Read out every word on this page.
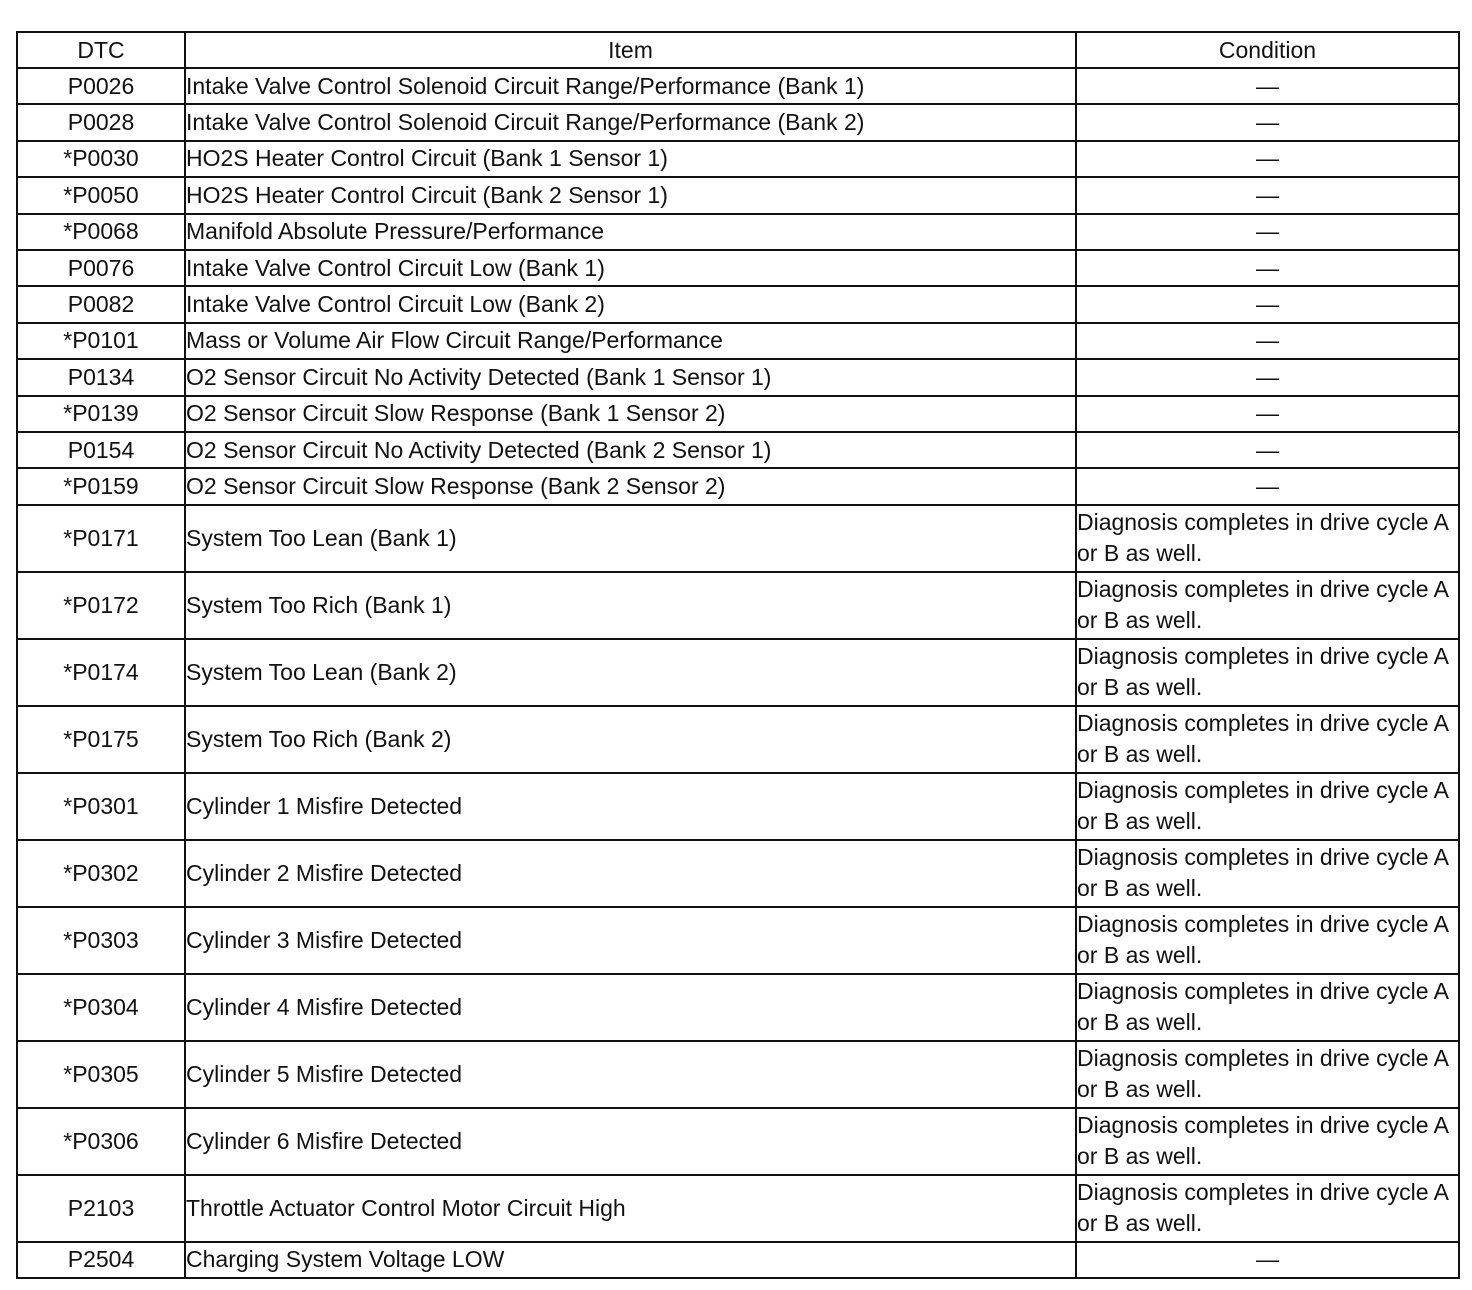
DTC	Item	Condition
P0026	Intake Valve Control Solenoid Circuit Range/Performance (Bank 1)	—
P0028	Intake Valve Control Solenoid Circuit Range/Performance (Bank 2)	—
*P0030	HO2S Heater Control Circuit (Bank 1 Sensor 1)	—
*P0050	HO2S Heater Control Circuit (Bank 2 Sensor 1)	—
*P0068	Manifold Absolute Pressure/Performance	—
P0076	Intake Valve Control Circuit Low (Bank 1)	—
P0082	Intake Valve Control Circuit Low (Bank 2)	—
*P0101	Mass or Volume Air Flow Circuit Range/Performance	—
P0134	O2 Sensor Circuit No Activity Detected (Bank 1 Sensor 1)	—
*P0139	O2 Sensor Circuit Slow Response (Bank 1 Sensor 2)	—
P0154	O2 Sensor Circuit No Activity Detected (Bank 2 Sensor 1)	—
*P0159	O2 Sensor Circuit Slow Response (Bank 2 Sensor 2)	—
*P0171	System Too Lean (Bank 1)	Diagnosis completes in drive cycle A or B as well.
*P0172	System Too Rich (Bank 1)	Diagnosis completes in drive cycle A or B as well.
*P0174	System Too Lean (Bank 2)	Diagnosis completes in drive cycle A or B as well.
*P0175	System Too Rich (Bank 2)	Diagnosis completes in drive cycle A or B as well.
*P0301	Cylinder 1 Misfire Detected	Diagnosis completes in drive cycle A or B as well.
*P0302	Cylinder 2 Misfire Detected	Diagnosis completes in drive cycle A or B as well.
*P0303	Cylinder 3 Misfire Detected	Diagnosis completes in drive cycle A or B as well.
*P0304	Cylinder 4 Misfire Detected	Diagnosis completes in drive cycle A or B as well.
*P0305	Cylinder 5 Misfire Detected	Diagnosis completes in drive cycle A or B as well.
*P0306	Cylinder 6 Misfire Detected	Diagnosis completes in drive cycle A or B as well.
P2103	Throttle Actuator Control Motor Circuit High	Diagnosis completes in drive cycle A or B as well.
P2504	Charging System Voltage LOW	—
